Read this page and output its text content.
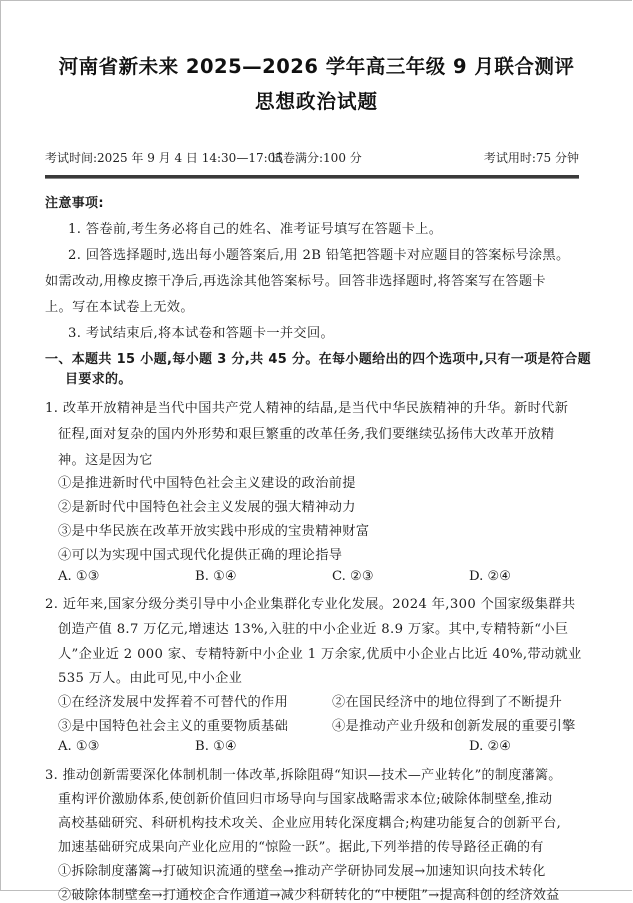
河南省新未来 2025—2026 学年高三年级 9 月联合测评
思想政治试题
考试时间:2025 年 9 月 4 日 14:30—17:05
试卷满分:100 分	考试用时:75 分钟
注意事项:
1. 答卷前,考生务必将自己的姓名、准考证号填写在答题卡上。
2. 回答选择题时,选出每小题答案后,用 2B 铅笔把答题卡对应题目的答案标号涂黑。
如需改动,用橡皮擦干净后,再选涂其他答案标号。回答非选择题时,将答案写在答题卡
上。写在本试卷上无效。
3. 考试结束后,将本试卷和答题卡一并交回。
一、本题共 15 小题,每小题 3 分,共 45 分。在每小题给出的四个选项中,只有一项是符合题
目要求的。
1. 改革开放精神是当代中国共产党人精神的结晶,是当代中华民族精神的升华。新时代新
征程,面对复杂的国内外形势和艰巨繁重的改革任务,我们要继续弘扬伟大改革开放精
神。这是因为它
①是推进新时代中国特色社会主义建设的政治前提
②是新时代中国特色社会主义发展的强大精神动力
③是中华民族在改革开放实践中形成的宝贵精神财富
④可以为实现中国式现代化提供正确的理论指导
A. ①③	B. ①④	C. ②③	D. ②④
2. 近年来,国家分级分类引导中小企业集群化专业化发展。2024 年,300 个国家级集群共
创造产值 8.7 万亿元,增速达 13%,入驻的中小企业近 8.9 万家。其中,专精特新“小巨
人”企业近 2 000 家、专精特新中小企业 1 万余家,优质中小企业占比近 40%,带动就业
535 万人。由此可见,中小企业
①在经济发展中发挥着不可替代的作用	②在国民经济中的地位得到了不断提升
③是中国特色社会主义的重要物质基础	④是推动产业升级和创新发展的重要引擎
A. ①③	B. ①④	D. ②④
3. 推动创新需要深化体制机制一体改革,拆除阻碍“知识—技术—产业转化”的制度藩篱。
重构评价激励体系,使创新价值回归市场导向与国家战略需求本位;破除体制壁垒,推动
高校基础研究、科研机构技术攻关、企业应用转化深度耦合;构建功能复合的创新平台,
加速基础研究成果向产业化应用的“惊险一跃”。据此,下列举措的传导路径正确的有
①拆除制度藩篱→打破知识流通的壁垒→推动产学研协同发展→加速知识向技术转化
②破除体制壁垒→打通校企合作通道→减少科研转化的“中梗阻”→提高科创的经济效益
